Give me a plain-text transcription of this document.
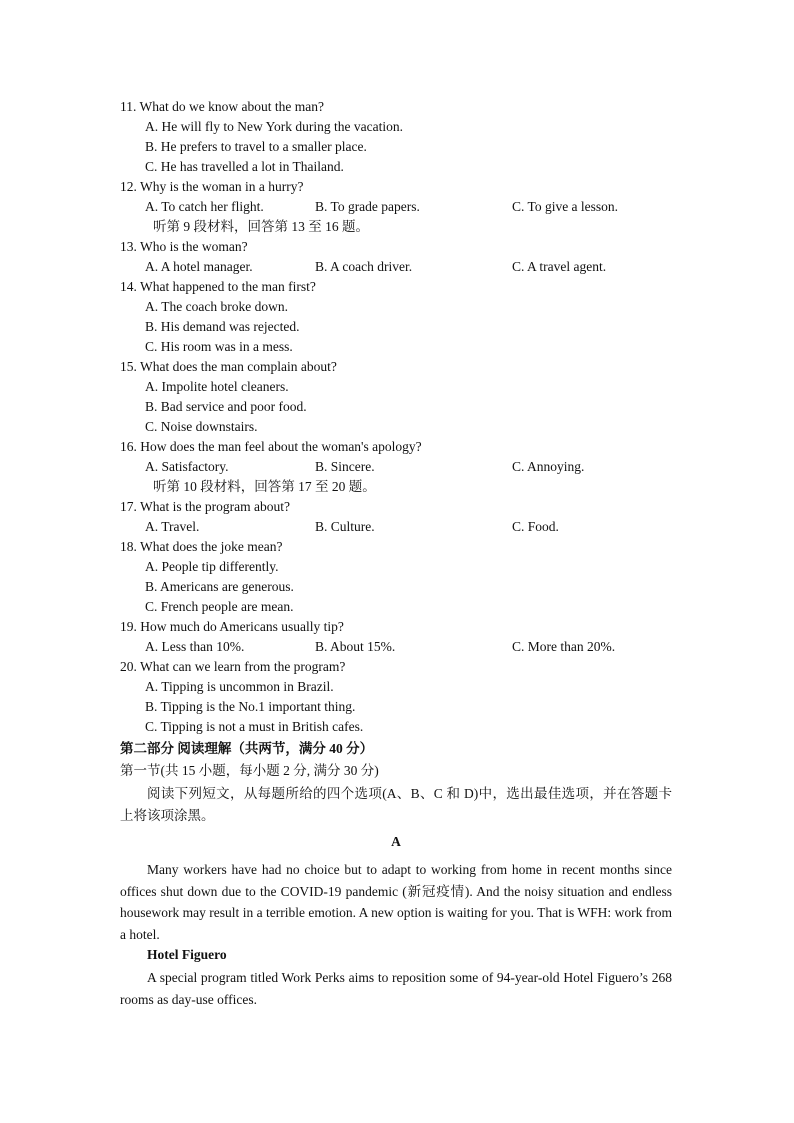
11. What do we know about the man?
A. He will fly to New York during the vacation.
B. He prefers to travel to a smaller place.
C. He has travelled a lot in Thailand.
12. Why is the woman in a hurry?
A. To catch her flight.	B. To grade papers.	C. To give a lesson.
听第 9 段材料，回答第 13 至 16 题。
13. Who is the woman?
A. A hotel manager.	B. A coach driver.	C. A travel agent.
14. What happened to the man first?
A. The coach broke down.
B. His demand was rejected.
C. His room was in a mess.
15. What does the man complain about?
A. Impolite hotel cleaners.
B. Bad service and poor food.
C. Noise downstairs.
16. How does the man feel about the woman's apology?
A. Satisfactory.	B. Sincere.	C. Annoying.
听第 10 段材料，回答第 17 至 20 题。
17. What is the program about?
A. Travel.	B. Culture.	C. Food.
18. What does the joke mean?
A. People tip differently.
B. Americans are generous.
C. French people are mean.
19. How much do Americans usually tip?
A. Less than 10%.	B. About 15%.	C. More than 20%.
20. What can we learn from the program?
A. Tipping is uncommon in Brazil.
B. Tipping is the No.1 important thing.
C. Tipping is not a must in British cafes.
第二部分 阅读理解（共两节，满分 40 分）
第一节(共 15 小题，每小题 2 分, 满分 30 分)

阅读下列短文，从每题所给的四个选项(A、B、C 和 D)中，选出最佳选项，并在答题卡上将该项涂黑。

A

Many workers have had no choice but to adapt to working from home in recent months since offices shut down due to the COVID-19 pandemic (新冠疫情). And the noisy situation and endless housework may result in a terrible emotion. A new option is waiting for you. That is WFH: work from a hotel.

Hotel Figuero

A special program titled Work Perks aims to reposition some of 94-year-old Hotel Figuero’s 268 rooms as day-use offices.
